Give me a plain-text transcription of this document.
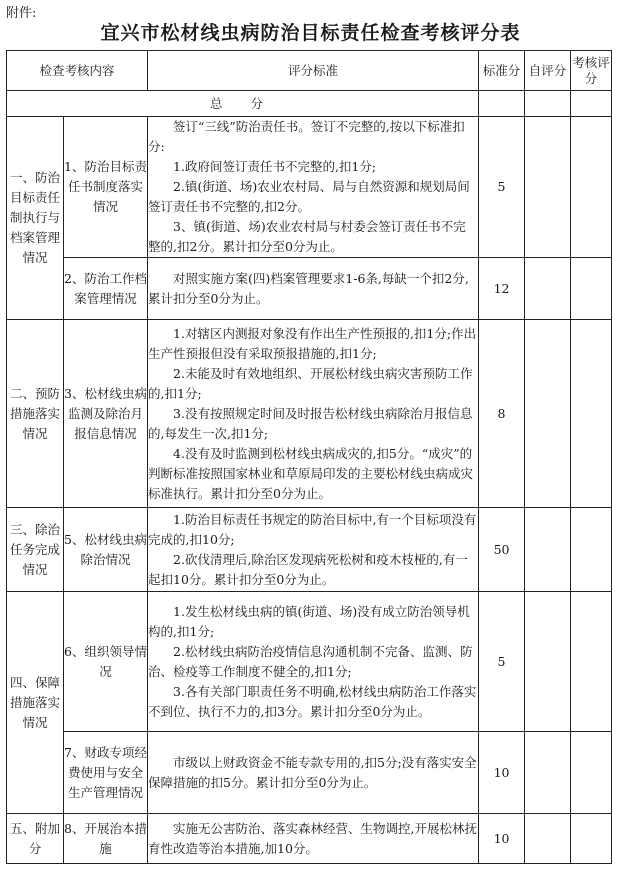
附件:
宜兴市松材线虫病防治目标责任检查考核评分表
检查考核内容		评分标准	标准分	自评分	考核评分
总 分					
一、防治目标责任制执行与档案管理情况	1、防治目标责任书制度落实情况	签订“三线”防治责任书。签订不完整的,按以下标准扣分:

1.政府间签订责任书不完整的,扣1分;

2.镇(街道、场)农业农村局、局与自然资源和规划局间签订责任书不完整的,扣2分。

3、镇(街道、场)农业农村局与村委会签订责任书不完整的,扣2分。累计扣分至0分为止。	5		
	2、防治工作档案管理情况	对照实施方案(四)档案管理要求1-6条,每缺一个扣2分,累计扣分至0分为止。	12		
二、预防措施落实情况	3、松材线虫病监测及除治月报信息情况	1.对辖区内测报对象没有作出生产性预报的,扣1分;作出生产性预报但没有采取预报措施的,扣1分;

2.未能及时有效地组织、开展松材线虫病灾害预防工作的,扣1分;

3.没有按照规定时间及时报告松材线虫病除治月报信息的,每发生一次,扣1分;

4.没有及时监测到松材线虫病成灾的,扣5分。“成灾”的判断标准按照国家林业和草原局印发的主要松材线虫病成灾标准执行。累计扣分至0分为止。	8		
三、除治任务完成情况	5、松材线虫病除治情况	1.防治目标责任书规定的防治目标中,有一个目标项没有完成的,扣10分;

2.砍伐清理后,除治区发现病死松树和疫木枝桠的,有一起扣10分。累计扣分至0分为止。	50		
四、保障措施落实情况	6、组织领导情况	1.发生松材线虫病的镇(街道、场)没有成立防治领导机构的,扣1分;

2.松材线虫病防治疫情信息沟通机制不完备、监测、防治、检疫等工作制度不健全的,扣1分;

3.各有关部门职责任务不明确,松材线虫病防治工作落实不到位、执行不力的,扣3分。累计扣分至0分为止。	5		
	7、财政专项经费使用与安全生产管理情况	市级以上财政资金不能专款专用的,扣5分;没有落实安全保障措施的扣5分。累计扣分至0分为止。	10		
五、附加分	8、开展治本措施	实施无公害防治、落实森林经营、生物调控,开展松林抚育性改造等治本措施,加10分。	10		
